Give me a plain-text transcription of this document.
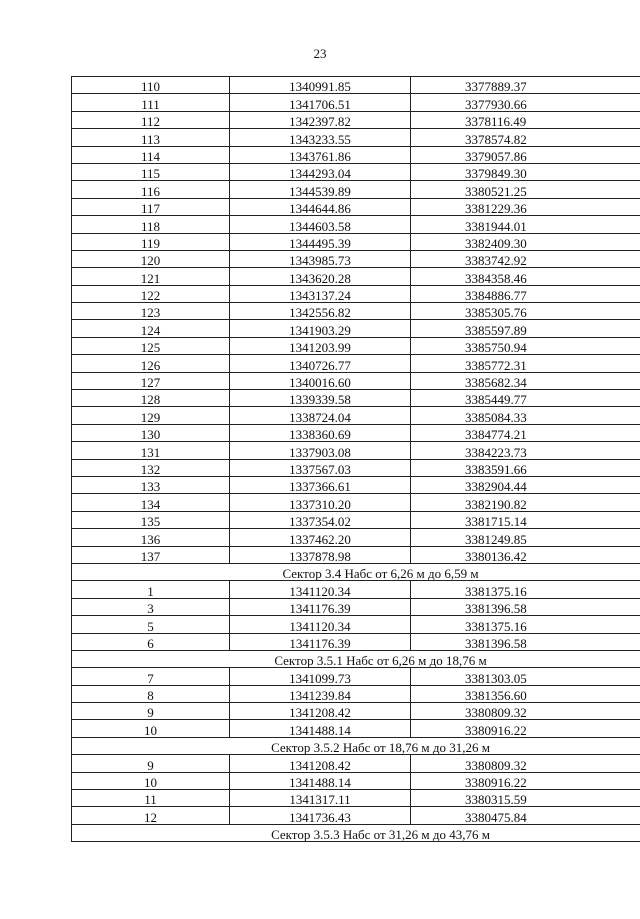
23
110	1340991.85	3377889.37
111	1341706.51	3377930.66
112	1342397.82	3378116.49
113	1343233.55	3378574.82
114	1343761.86	3379057.86
115	1344293.04	3379849.30
116	1344539.89	3380521.25
117	1344644.86	3381229.36
118	1344603.58	3381944.01
119	1344495.39	3382409.30
120	1343985.73	3383742.92
121	1343620.28	3384358.46
122	1343137.24	3384886.77
123	1342556.82	3385305.76
124	1341903.29	3385597.89
125	1341203.99	3385750.94
126	1340726.77	3385772.31
127	1340016.60	3385682.34
128	1339339.58	3385449.77
129	1338724.04	3385084.33
130	1338360.69	3384774.21
131	1337903.08	3384223.73
132	1337567.03	3383591.66
133	1337366.61	3382904.44
134	1337310.20	3382190.82
135	1337354.02	3381715.14
136	1337462.20	3381249.85
137	1337878.98	3380136.42
Сектор 3.4 Набс от 6,26 м до 6,59 м		
1	1341120.34	3381375.16
3	1341176.39	3381396.58
5	1341120.34	3381375.16
6	1341176.39	3381396.58
Сектор 3.5.1 Набс от 6,26 м до 18,76 м		
7	1341099.73	3381303.05
8	1341239.84	3381356.60
9	1341208.42	3380809.32
10	1341488.14	3380916.22
Сектор 3.5.2 Набс от 18,76 м до 31,26 м		
9	1341208.42	3380809.32
10	1341488.14	3380916.22
11	1341317.11	3380315.59
12	1341736.43	3380475.84
Сектор 3.5.3 Набс от 31,26 м до 43,76 м		
